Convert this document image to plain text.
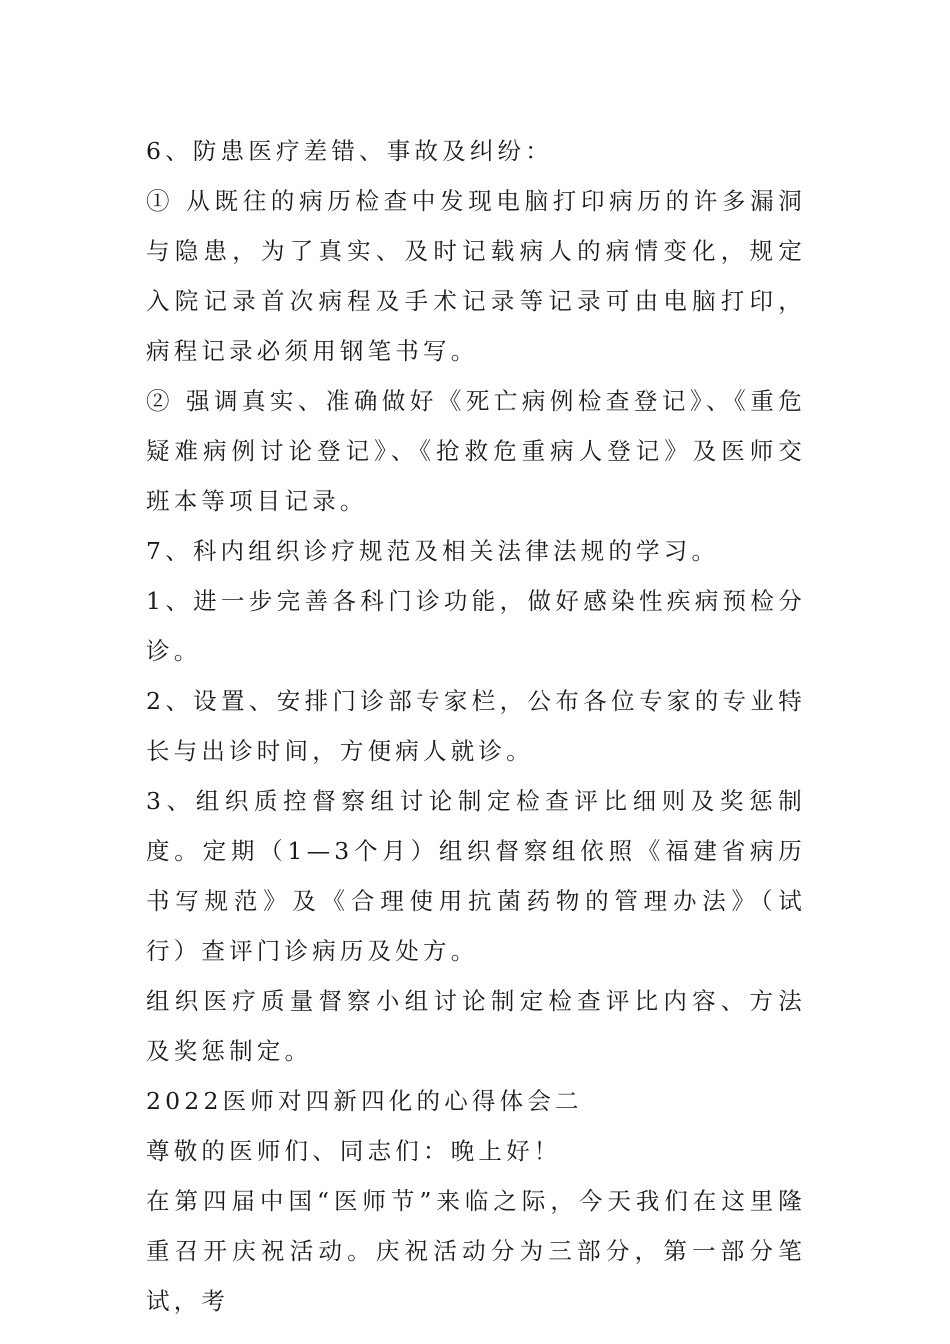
6、防患医疗差错、事故及纠纷：

① 从既往的病历检查中发现电脑打印病历的许多漏洞与隐患，为了真实、及时记载病人的病情变化，规定入院记录首次病程及手术记录等记录可由电脑打印，病程记录必须用钢笔书写。

② 强调真实、准确做好《死亡病例检查登记》、《重危疑难病例讨论登记》、《抢救危重病人登记》及医师交班本等项目记录。

7、科内组织诊疗规范及相关法律法规的学习。

1、进一步完善各科门诊功能，做好感染性疾病预检分诊。

2、设置、安排门诊部专家栏，公布各位专家的专业特长与出诊时间，方便病人就诊。

3、组织质控督察组讨论制定检查评比细则及奖惩制度。定期（1—3个月）组织督察组依照《福建省病历书写规范》及《合理使用抗菌药物的管理办法》（试行）查评门诊病历及处方。

组织医疗质量督察小组讨论制定检查评比内容、方法及奖惩制定。

2022医师对四新四化的心得体会二

尊敬的医师们、同志们：晚上好！

在第四届中国“医师节”来临之际，今天我们在这里隆重召开庆祝活动。庆祝活动分为三部分，第一部分笔试，考
